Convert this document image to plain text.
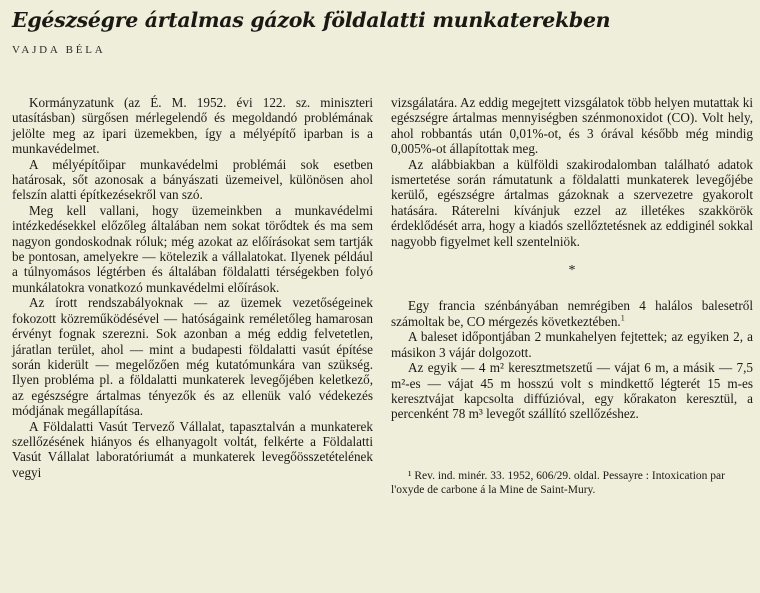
Egészségre ártalmas gázok földalatti munkaterekben
VAJDA BÉLA

Kormányzatunk (az É. M. 1952. évi 122. sz. miniszteri utasításban) sürgősen mérlegelendő és megoldandó problémának jelölte meg az ipari üzemekben, így a mélyépítő iparban is a munkavédelmet.

A mélyépítőipar munkavédelmi problémái sok esetben határosak, sőt azonosak a bányászati üzemeivel, különösen ahol felszín alatti építkezésekről van szó.

Meg kell vallani, hogy üzemeinkben a munkavédelmi intézkedésekkel előzőleg általában nem sokat törődtek és ma sem nagyon gondoskodnak róluk; még azokat az előírásokat sem tartják be pontosan, amelyekre — kötelezik a vállalatokat. Ilyenek például a túlnyomásos légtérben és általában földalatti térségekben folyó munkálatokra vonatkozó munkavédelmi előírások.

Az írott rendszabályoknak — az üzemek vezetőségeinek fokozott közreműködésével — hatóságaink reméletőleg hamarosan érvényt fognak szerezni. Sok azonban a még eddig felvetetlen, járatlan terület, ahol — mint a budapesti földalatti vasút építése során kiderült — megelőzően még kutatómunkára van szükség. Ilyen probléma pl. a földalatti munkaterek levegőjében keletkező, az egészségre ártalmas tényezők és az ellenük való védekezés módjának megállapítása.

A Földalatti Vasút Tervező Vállalat, tapasztalván a munkaterek szellőzésének hiányos és elhanyagolt voltát, felkérte a Földalatti Vasút Vállalat laboratóriumát a munkaterek levegőösszetételének vegyi

vizsgálatára. Az eddig megejtett vizsgálatok több helyen mutattak ki egészségre ártalmas mennyiségben szénmonoxidot (CO). Volt hely, ahol robbantás után 0,01%-ot, és 3 órával később még mindig 0,005%-ot állapítottak meg.

Az alábbiakban a külföldi szakirodalomban található adatok ismertetése során rámutatunk a földalatti munkaterek levegőjébe kerülő, egészségre ártalmas gázoknak a szervezetre gyakorolt hatására. Ráterelni kívánjuk ezzel az illetékes szakkörök érdeklődését arra, hogy a kiadós szellőztetésnek az eddiginél sokkal nagyobb figyelmet kell szentelniök.

*

Egy francia szénbányában nemrégiben 4 halálos balesetről számoltak be, CO mérgezés következtében.$^1$

A baleset időpontjában 2 munkahelyen fejtettek; az egyiken 2, a másikon 3 vájár dolgozott.

Az egyik — 4 m² keresztmetszetű — vájat 6 m, a másik — 7,5 m²-es — vájat 45 m hosszú volt s mindkettő légterét 15 m-es keresztvájat kapcsolta diffúzióval, egy kőrakaton keresztül, a percenként 78 m³ levegőt szállító szellőzéshez.

¹ Rev. ind. minér. 33. 1952, 606/29. oldal. Pessayre : Intoxication par l'oxyde de carbone á la Mine de Saint-Mury.
